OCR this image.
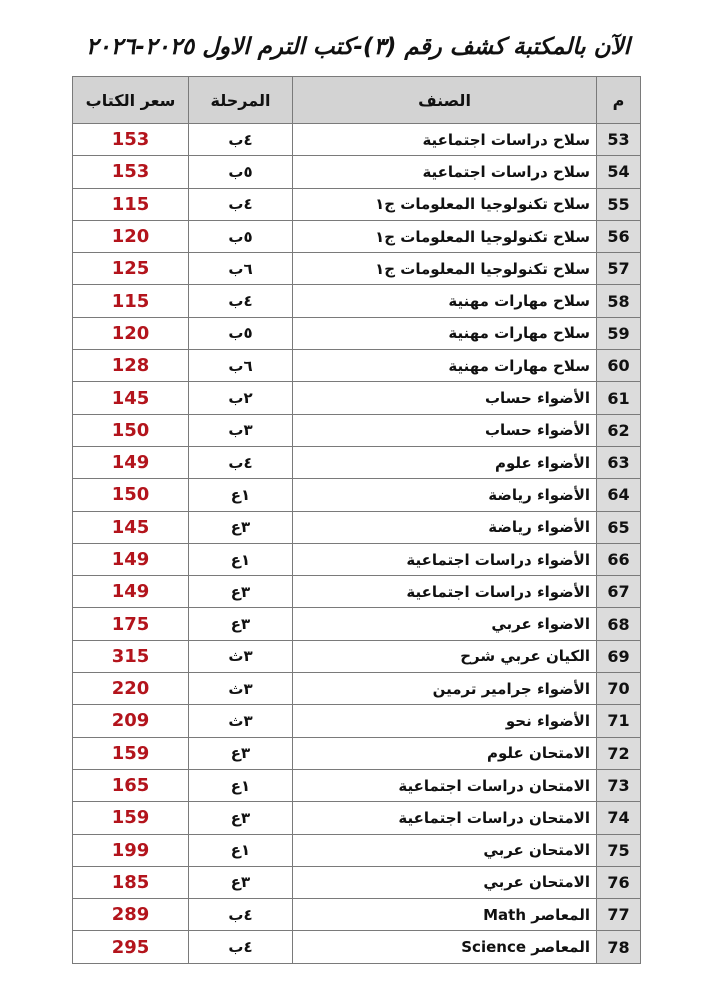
الآن بالمكتبة كشف رقم (٣)-كتب الترم الاول ٢٠٢٥-٢٠٢٦
م	الصنف	المرحلة	سعر الكتاب
53	سلاح دراسات اجتماعية	٤ب	153
54	سلاح دراسات اجتماعية	٥ب	153
55	سلاح تكنولوجيا المعلومات ج١	٤ب	115
56	سلاح تكنولوجيا المعلومات ج١	٥ب	120
57	سلاح تكنولوجيا المعلومات ج١	٦ب	125
58	سلاح مهارات مهنية	٤ب	115
59	سلاح مهارات مهنية	٥ب	120
60	سلاح مهارات مهنية	٦ب	128
61	الأضواء حساب	٢ب	145
62	الأضواء حساب	٣ب	150
63	الأضواء علوم	٤ب	149
64	الأضواء رياضة	١ع	150
65	الأضواء رياضة	٣ع	145
66	الأضواء دراسات اجتماعية	١ع	149
67	الأضواء دراسات اجتماعية	٣ع	149
68	الاضواء عربي	٣ع	175
69	الكيان عربي شرح	٣ث	315
70	الأضواء جرامير ترمين	٣ث	220
71	الأضواء نحو	٣ث	209
72	الامتحان علوم	٣ع	159
73	الامتحان دراسات اجتماعية	١ع	165
74	الامتحان دراسات اجتماعية	٣ع	159
75	الامتحان عربي	١ع	199
76	الامتحان عربي	٣ع	185
77	المعاصر Math	٤ب	289
78	المعاصر Science	٤ب	295
